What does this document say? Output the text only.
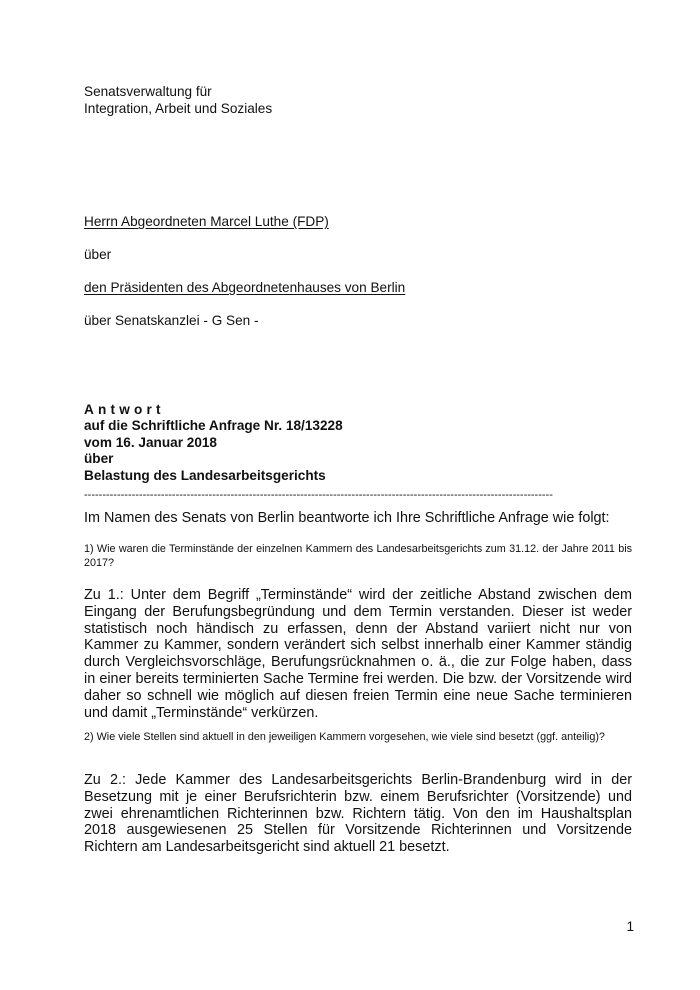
Senatsverwaltung für
Integration, Arbeit und Soziales
Herrn Abgeordneten Marcel Luthe (FDP)
über
den Präsidenten des Abgeordnetenhauses von Berlin
über Senatskanzlei - G Sen -
Antwort
auf die Schriftliche Anfrage Nr. 18/13228
vom 16. Januar 2018
über
Belastung des Landesarbeitsgerichts
--------------------------------------------------------------------------------------------------------------------------------
Im Namen des Senats von Berlin beantworte ich Ihre Schriftliche Anfrage wie folgt:
1) Wie waren die Terminstände der einzelnen Kammern des Landesarbeitsgerichts zum 31.12. der Jahre 2011 bis 2017?
Zu 1.: Unter dem Begriff „Terminstände“ wird der zeitliche Abstand zwischen dem Eingang der Berufungsbegründung und dem Termin verstanden. Dieser ist weder statistisch noch händisch zu erfassen, denn der Abstand variiert nicht nur von Kammer zu Kammer, sondern verändert sich selbst innerhalb einer Kammer ständig durch Vergleichsvorschläge, Berufungsrücknahmen o. ä., die zur Folge haben, dass in einer bereits terminierten Sache Termine frei werden. Die bzw. der Vorsitzende wird daher so schnell wie möglich auf diesen freien Termin eine neue Sache terminieren und damit „Terminstände“ verkürzen.
2) Wie viele Stellen sind aktuell in den jeweiligen Kammern vorgesehen, wie viele sind besetzt (ggf. anteilig)?
Zu 2.: Jede Kammer des Landesarbeitsgerichts Berlin-Brandenburg wird in der Besetzung mit je einer Berufsrichterin bzw. einem Berufsrichter (Vorsitzende) und zwei ehrenamtlichen Richterinnen bzw. Richtern tätig. Von den im Haushaltsplan 2018 ausgewiesenen 25 Stellen für Vorsitzende Richterinnen und Vorsitzende Richtern am Landesarbeitsgericht sind aktuell 21 besetzt.
1
